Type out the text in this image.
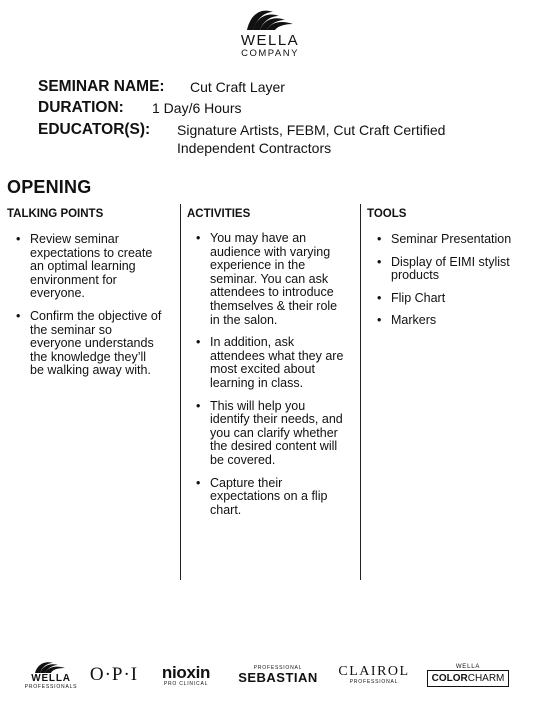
WELLA
COMPANY
SEMINAR NAME: Cut Craft Layer
DURATION: 1 Day/6 Hours
EDUCATOR(S): Signature Artists, FEBM, Cut Craft Certified
Independent Contractors
OPENING
TALKING POINTS	ACTIVITIES	TOOLS
• Review seminar expectations to create an optimal learning environment for everyone.
• Confirm the objective of the seminar so everyone understands the knowledge they’ll be walking away with.
• You may have an audience with varying experience in the seminar. You can ask attendees to introduce themselves & their role in the salon.
• In addition, ask attendees what they are most excited about learning in class.
• This will help you identify their needs, and you can clarify whether the desired content will be covered.
• Capture their expectations on a flip chart.
• Seminar Presentation
• Display of EIMI stylist products
• Flip Chart
• Markers
WELLA
PROFESSIONALS
O·P·I nioxin
PRO CLINICAL
PROFESSIONAL
SEBASTIAN CLAIROL
PROFESSIONAL
WELLA
COLORCHARM
